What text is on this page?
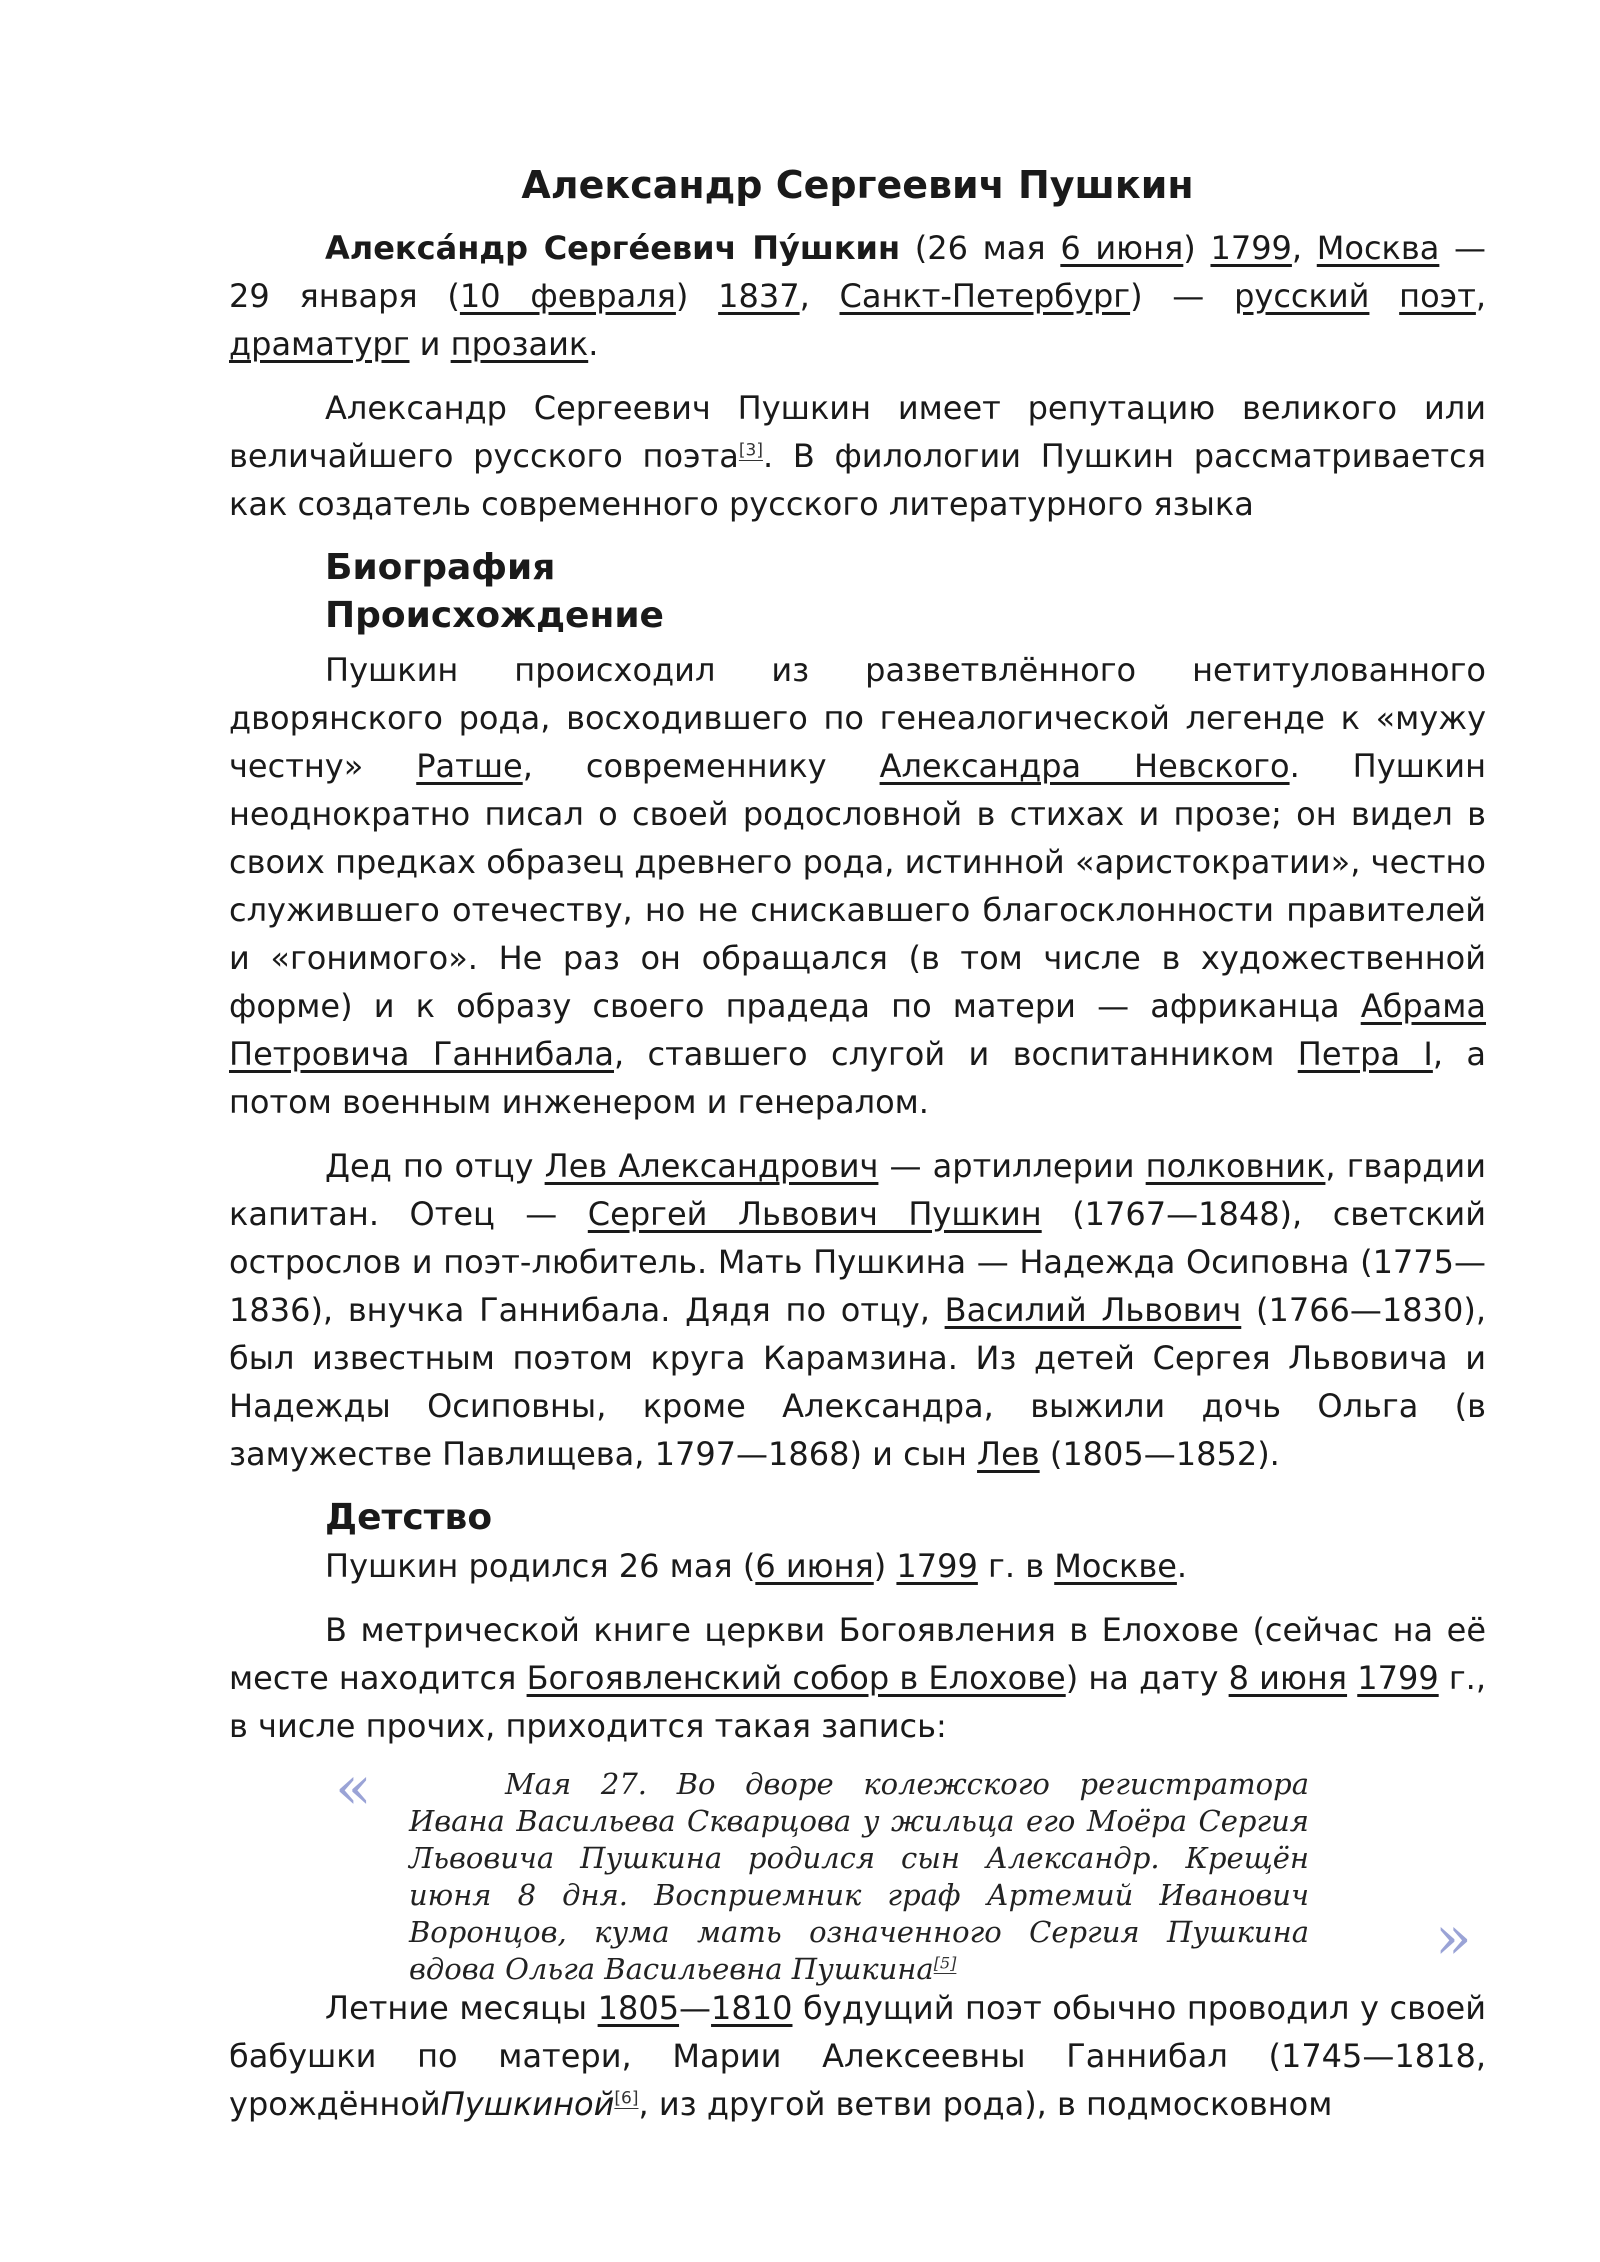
Александр Сергеевич Пушкин

Алекса́ндр Серге́евич Пу́шкин (26 мая 6 июня) 1799, Москва — 29 января (10 февраля) 1837, Санкт-Петербург) — русский поэт, драматург и прозаик.

Александр Сергеевич Пушкин имеет репутацию великого или величайшего русского поэта[3]. В филологии Пушкин рассматривается как создатель современного русского литературного языка

Биография
Происхождение

Пушкин происходил из разветвлённого нетитулованного дворянского рода, восходившего по генеалогической легенде к «мужу честну» Ратше, современнику Александра Невского. Пушкин неоднократно писал о своей родословной в стихах и прозе; он видел в своих предках образец древнего рода, истинной «аристократии», честно служившего отечеству, но не снискавшего благосклонности правителей и «гонимого». Не раз он обращался (в том числе в художественной форме) и к образу своего прадеда по матери — африканца Абрама Петровича Ганнибала, ставшего слугой и воспитанником Петра I, а потом военным инженером и генералом.

Дед по отцу Лев Александрович — артиллерии полковник, гвардии капитан. Отец — Сергей Львович Пушкин (1767—1848), светский острослов и поэт-любитель. Мать Пушкина — Надежда Осиповна (1775—1836), внучка Ганнибала. Дядя по отцу, Василий Львович (1766—1830), был известным поэтом круга Карамзина. Из детей Сергея Львовича и Надежды Осиповны, кроме Александра, выжили дочь Ольга (в замужестве Павлищева, 1797—1868) и сын Лев (1805—1852).

Детство

Пушкин родился 26 мая (6 июня) 1799 г. в Москве.

В метрической книге церкви Богоявления в Елохове (сейчас на её месте находится Богоявленский собор в Елохове) на дату 8 июня 1799 г., в числе прочих, приходится такая запись:

«	Мая 27. Во дворе колежского регистратора Ивана Васильева Скварцова у жильца его Моёра Сергия Львовича Пушкина родился сын Александр. Крещён июня 8 дня. Восприемник граф Артемий Иванович Воронцов, кума мать означенного Сергия Пушкина вдова Ольга Васильевна Пушкина[5]	»

Летние месяцы 1805—1810 будущий поэт обычно проводил у своей бабушки по матери, Марии Алексеевны Ганнибал (1745—1818, урождённойПушкиной[6], из другой ветви рода), в подмосковном
